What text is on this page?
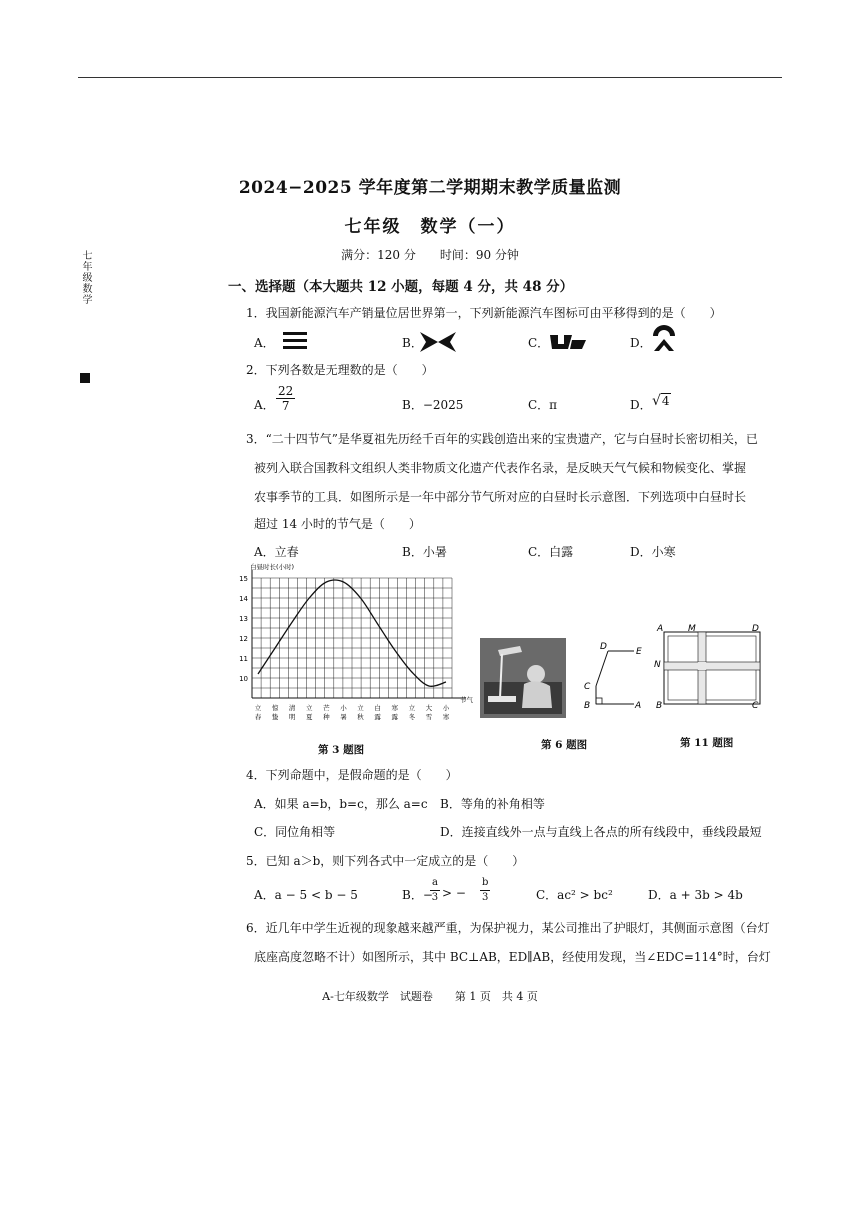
2024−2025 学年度第二学期期末教学质量监测
七年级　数学（一）
满分：120 分　　时间：90 分钟
七年级数学	一、选择题（本大题共 12 小题，每题 4 分，共 48 分）
1．我国新能源汽车产销量位居世界第一，下列新能源汽车图标可由平移得到的是（　　）
A．	B．	C．	D．
2．下列各数是无理数的是（　　）
A． $\frac{22}{7}$	B．−2025	C．π	D． √4
3．“二十四节气”是华夏祖先历经千百年的实践创造出来的宝贵遗产，它与白昼时长密切相关，已
被列入联合国教科文组织人类非物质文化遗产代表作名录，是反映天气气候和物候变化、掌握
农事季节的工具．如图所示是一年中部分节气所对应的白昼时长示意图．下列选项中白昼时长
超过 14 小时的节气是（　　）
A．立春	B．小暑	C．白露	D．小寒
10
11
12
13
14
15
白昼时长(小时)
节气
立
春
惊
蛰
清
明
立
夏
芒
种
小
暑
立
秋
白
露
寒
露
立
冬
大
雪
小
寒
第 3 题图
D	E
C
B	A
第 6 题图
A	M	D
N
B	C
第 11 题图
4．下列命题中，是假命题的是（　　）
A．如果 a=b，b=c，那么 a=c B．等角的补角相等
C．同位角相等	D．连接直线外一点与直线上各点的所有线段中，垂线段最短
5．已知 a＞b，则下列各式中一定成立的是（　　）
A．a − 5 < b − 5	B．−
$\frac{a}{3}$ > − $\frac{b}{3}$	C．ac² > bc²	D．a + 3b > 4b
6．近几年中学生近视的现象越来越严重，为保护视力，某公司推出了护眼灯，其侧面示意图（台灯
底座高度忽略不计）如图所示，其中 BC⊥AB，ED∥AB，经使用发现，当∠EDC=114°时，台灯
A-七年级数学　试题卷　　第 1 页　共 4 页
